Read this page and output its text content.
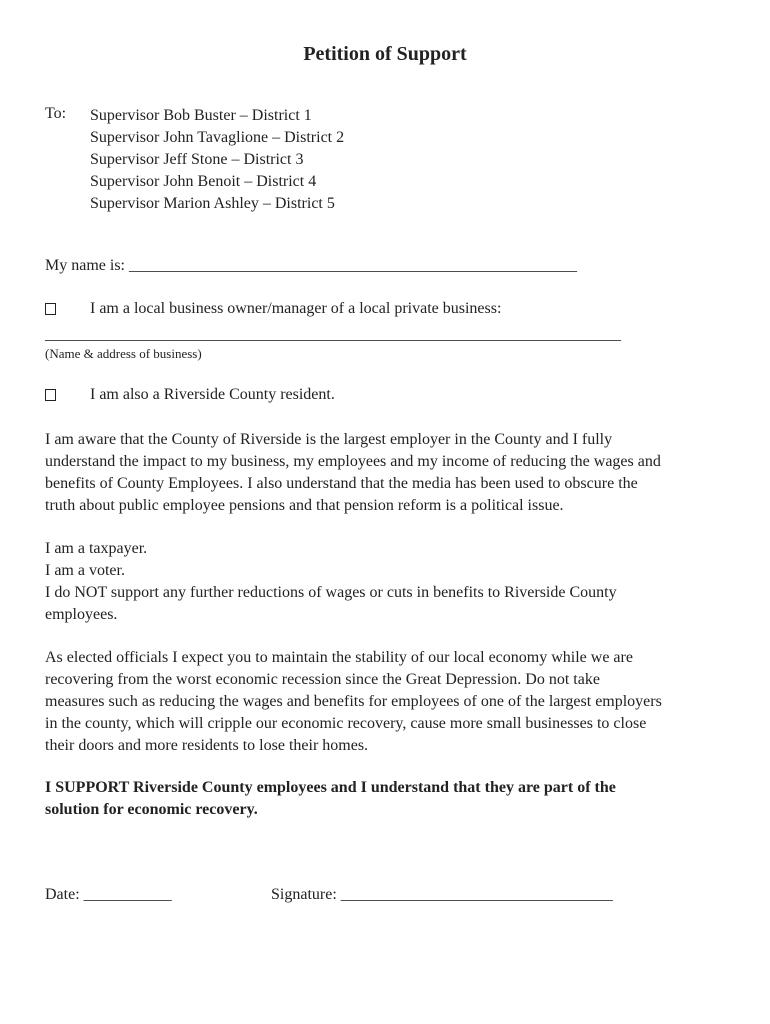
Petition of Support
To: Supervisor Bob Buster – District 1
Supervisor John Tavaglione – District 2
Supervisor Jeff Stone – District 3
Supervisor John Benoit – District 4
Supervisor Marion Ashley – District 5
My name is: ________________________________________________________
I am a local business owner/manager of a local private business:
________________________________________________________________________
(Name & address of business)
I am also a Riverside County resident.
I am aware that the County of Riverside is the largest employer in the County and I fully
understand the impact to my business, my employees and my income of reducing the wages and
benefits of County Employees. I also understand that the media has been used to obscure the
truth about public employee pensions and that pension reform is a political issue.
I am a taxpayer.
I am a voter.
I do NOT support any further reductions of wages or cuts in benefits to Riverside County
employees.
As elected officials I expect you to maintain the stability of our local economy while we are
recovering from the worst economic recession since the Great Depression. Do not take
measures such as reducing the wages and benefits for employees of one of the largest employers
in the county, which will cripple our economic recovery, cause more small businesses to close
their doors and more residents to lose their homes.
I SUPPORT Riverside County employees and I understand that they are part of the
solution for economic recovery.
Date: ___________	Signature: __________________________________
